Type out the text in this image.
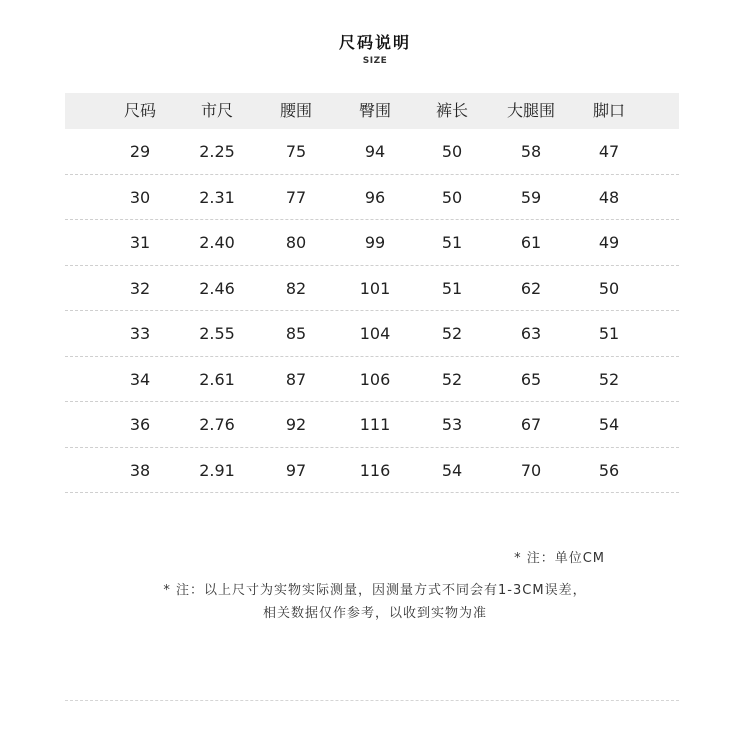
尺码说明
SIZE
尺码	市尺	腰围	臀围	裤长	大腿围	脚口
29	2.25	75	94	50	58	47
30	2.31	77	96	50	59	48
31	2.40	80	99	51	61	49
32	2.46	82	101	51	62	50
33	2.55	85	104	52	63	51
34	2.61	87	106	52	65	52
36	2.76	92	111	53	67	54
38	2.91	97	116	54	70	56
* 注：单位CM
* 注：以上尺寸为实物实际测量，因测量方式不同会有1-3CM误差，
相关数据仅作参考，以收到实物为准
